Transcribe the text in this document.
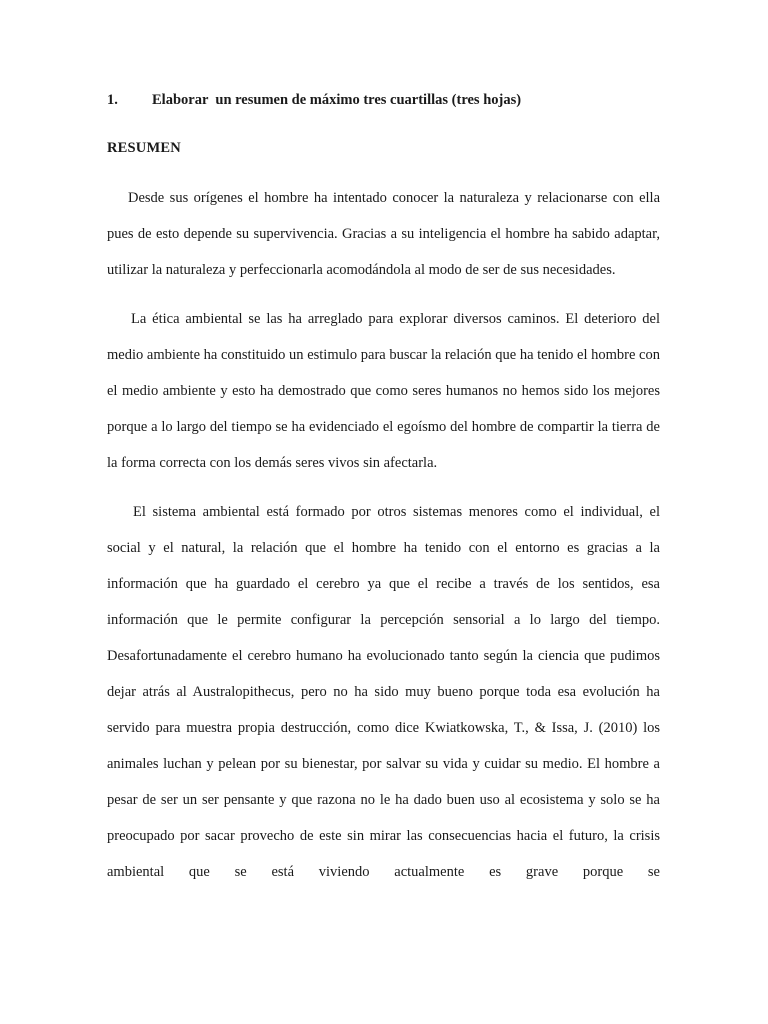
1. Elaborar  un resumen de máximo tres cuartillas (tres hojas)
RESUMEN

Desde sus orígenes el hombre ha intentado conocer la naturaleza y relacionarse con ella pues de esto depende su supervivencia. Gracias a su inteligencia el hombre ha sabido adaptar, utilizar la naturaleza y perfeccionarla acomodándola al modo de ser de sus necesidades.

La ética ambiental se las ha arreglado para explorar diversos caminos. El deterioro del medio ambiente ha constituido un estimulo para buscar la relación que ha tenido el hombre con el medio ambiente y esto ha demostrado que como seres humanos no hemos sido los mejores porque a lo largo del tiempo se ha evidenciado el egoísmo del hombre de compartir la tierra de la forma correcta con los demás seres vivos sin afectarla.

El sistema ambiental está formado por otros sistemas menores como el individual, el social y el natural, la relación que el hombre ha tenido con el entorno es gracias a la información que ha guardado el cerebro ya que el recibe a través de los sentidos, esa información que le permite configurar la percepción sensorial a lo largo del tiempo. Desafortunadamente el cerebro humano ha evolucionado tanto según la ciencia que pudimos dejar atrás al Australopithecus, pero no ha sido muy bueno porque toda esa evolución ha servido para muestra propia destrucción, como dice Kwiatkowska, T., & Issa, J. (2010) los animales luchan y pelean por su bienestar, por salvar su vida y cuidar su medio. El hombre a pesar de ser un ser pensante y que razona no le ha dado buen uso al ecosistema y solo se ha preocupado por sacar provecho de este sin mirar las consecuencias hacia el futuro, la crisis ambiental que se está viviendo actualmente es grave porque se
